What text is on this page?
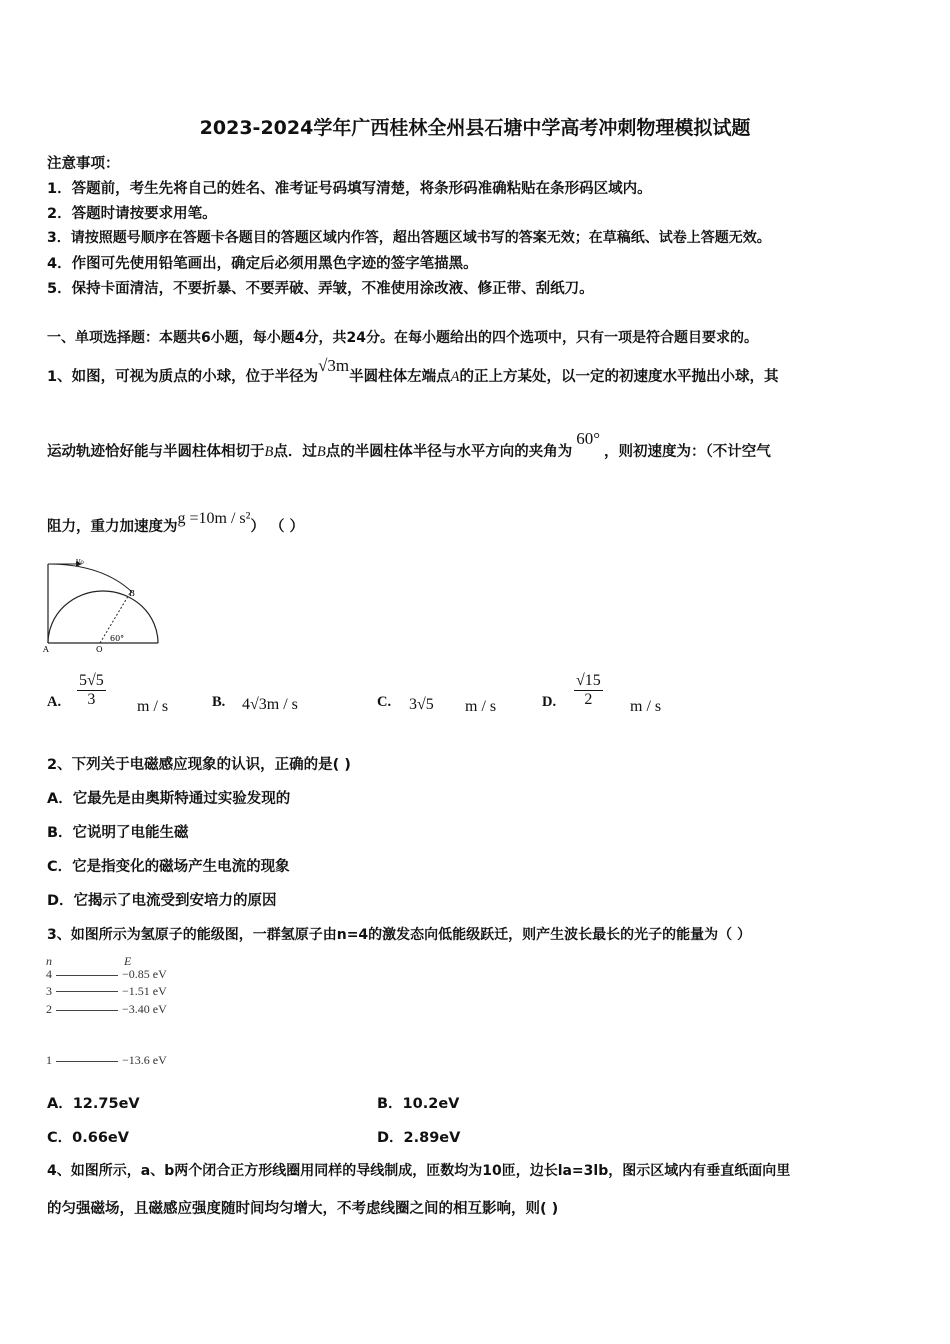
2023-2024学年广西桂林全州县石塘中学高考冲刺物理模拟试题
注意事项：
1．答题前，考生先将自己的姓名、准考证号码填写清楚，将条形码准确粘贴在条形码区域内。
2．答题时请按要求用笔。
3．请按照题号顺序在答题卡各题目的答题区域内作答，超出答题区域书写的答案无效；在草稿纸、试卷上答题无效。
4．作图可先使用铅笔画出，确定后必须用黑色字迹的签字笔描黑。
5．保持卡面清洁，不要折暴、不要弄破、弄皱，不准使用涂改液、修正带、刮纸刀。
一、单项选择题：本题共6小题，每小题4分，共24分。在每小题给出的四个选项中，只有一项是符合题目要求的。
1、如图，可视为质点的小球，位于半径为√3m半圆柱体左端点A的正上方某处，以一定的初速度水平抛出小球，其
运动轨迹恰好能与半圆柱体相切于B点．过B点的半圆柱体半径与水平方向的夹角为60°，则初速度为：（不计空气
阻力，重力加速度为g =10m / s²） （ ）
v₀
B
A	O
60°
A. $\frac{5√5}{3}$ m / s	B. 4√3m / s	C. 3√5 m / s	D. $\frac{√15}{2}$ m / s
2、下列关于电磁感应现象的认识，正确的是( )
A．它最先是由奥斯特通过实验发现的
B．它说明了电能生磁
C．它是指变化的磁场产生电流的现象
D．它揭示了电流受到安培力的原因
3、如图所示为氢原子的能级图，一群氢原子由n=4的激发态向低能级跃迁，则产生波长最长的光子的能量为（ ）
n	E
4	−0.85 eV
3	−1.51 eV
2	−3.40 eV
1	−13.6 eV
A．12.75eV	B．10.2eV
C．0.66eV	D．2.89eV
4、如图所示，a、b两个闭合正方形线圈用同样的导线制成，匝数均为10匝，边长la=3lb，图示区域内有垂直纸面向里
的匀强磁场，且磁感应强度随时间均匀增大，不考虑线圈之间的相互影响，则( )
